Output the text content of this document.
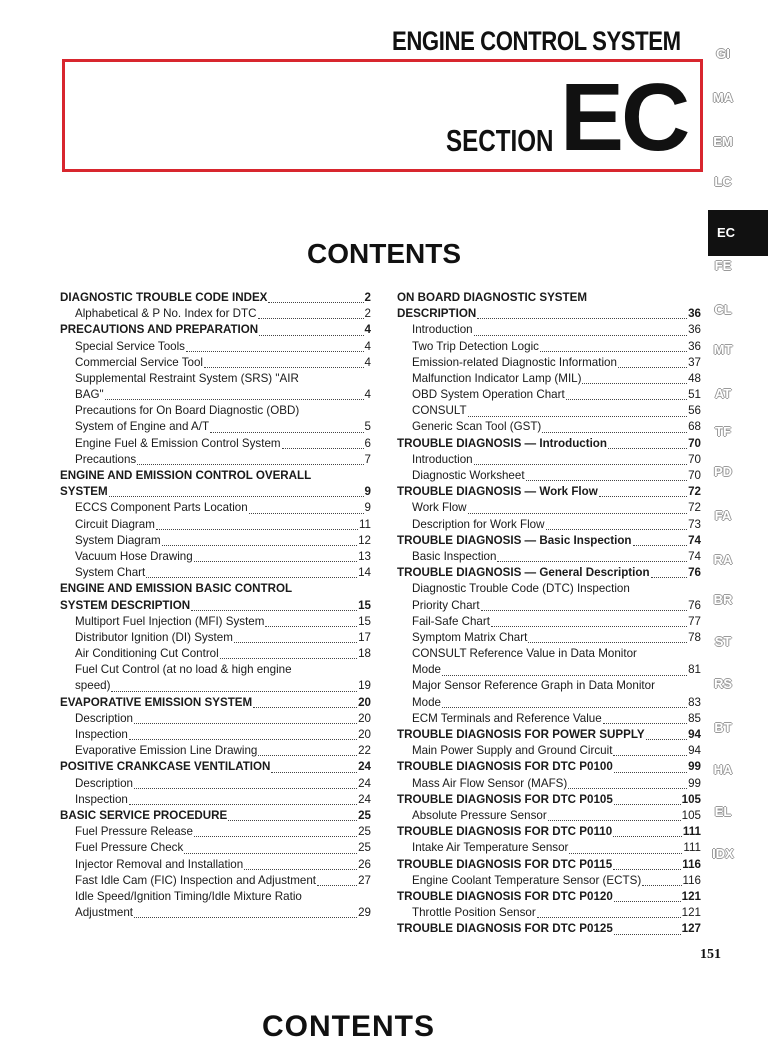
ENGINE CONTROL SYSTEM
SECTION EC
CONTENTS
DIAGNOSTIC TROUBLE CODE INDEX	2
Alphabetical & P No. Index for DTC	2
PRECAUTIONS AND PREPARATION	4
Special Service Tools	4
Commercial Service Tool	4
Supplemental Restraint System (SRS) "AIR
BAG"	4
Precautions for On Board Diagnostic (OBD)
System of Engine and A/T	5
Engine Fuel & Emission Control System	6
Precautions	7
ENGINE AND EMISSION CONTROL OVERALL
SYSTEM	9
ECCS Component Parts Location	9
Circuit Diagram	11
System Diagram	12
Vacuum Hose Drawing	13
System Chart	14
ENGINE AND EMISSION BASIC CONTROL
SYSTEM DESCRIPTION	15
Multiport Fuel Injection (MFI) System	15
Distributor Ignition (DI) System	17
Air Conditioning Cut Control	18
Fuel Cut Control (at no load & high engine
speed)	19
EVAPORATIVE EMISSION SYSTEM	20
Description	20
Inspection	20
Evaporative Emission Line Drawing	22
POSITIVE CRANKCASE VENTILATION	24
Description	24
Inspection	24
BASIC SERVICE PROCEDURE	25
Fuel Pressure Release	25
Fuel Pressure Check	25
Injector Removal and Installation	26
Fast Idle Cam (FIC) Inspection and Adjustment	27
Idle Speed/Ignition Timing/Idle Mixture Ratio
Adjustment	29
ON BOARD DIAGNOSTIC SYSTEM
DESCRIPTION	36
Introduction	36
Two Trip Detection Logic	36
Emission-related Diagnostic Information	37
Malfunction Indicator Lamp (MIL)	48
OBD System Operation Chart	51
CONSULT	56
Generic Scan Tool (GST)	68
TROUBLE DIAGNOSIS — Introduction	70
Introduction	70
Diagnostic Worksheet	70
TROUBLE DIAGNOSIS — Work Flow	72
Work Flow	72
Description for Work Flow	73
TROUBLE DIAGNOSIS — Basic Inspection	74
Basic Inspection	74
TROUBLE DIAGNOSIS — General Description	76
Diagnostic Trouble Code (DTC) Inspection
Priority Chart	76
Fail-Safe Chart	77
Symptom Matrix Chart	78
CONSULT Reference Value in Data Monitor
Mode	81
Major Sensor Reference Graph in Data Monitor
Mode	83
ECM Terminals and Reference Value	85
TROUBLE DIAGNOSIS FOR POWER SUPPLY	94
Main Power Supply and Ground Circuit	94
TROUBLE DIAGNOSIS FOR DTC P0100	99
Mass Air Flow Sensor (MAFS)	99
TROUBLE DIAGNOSIS FOR DTC P0105	105
Absolute Pressure Sensor	105
TROUBLE DIAGNOSIS FOR DTC P0110	111
Intake Air Temperature Sensor	111
TROUBLE DIAGNOSIS FOR DTC P0115	116
Engine Coolant Temperature Sensor (ECTS)	116
TROUBLE DIAGNOSIS FOR DTC P0120	121
Throttle Position Sensor	121
TROUBLE DIAGNOSIS FOR DTC P0125	127
GI
MA
EM
LC
EC
FE
CL
MT
AT
TF
PD
FA
RA
BR
ST
RS
BT
HA
EL
IDX
151
CONTENTS
